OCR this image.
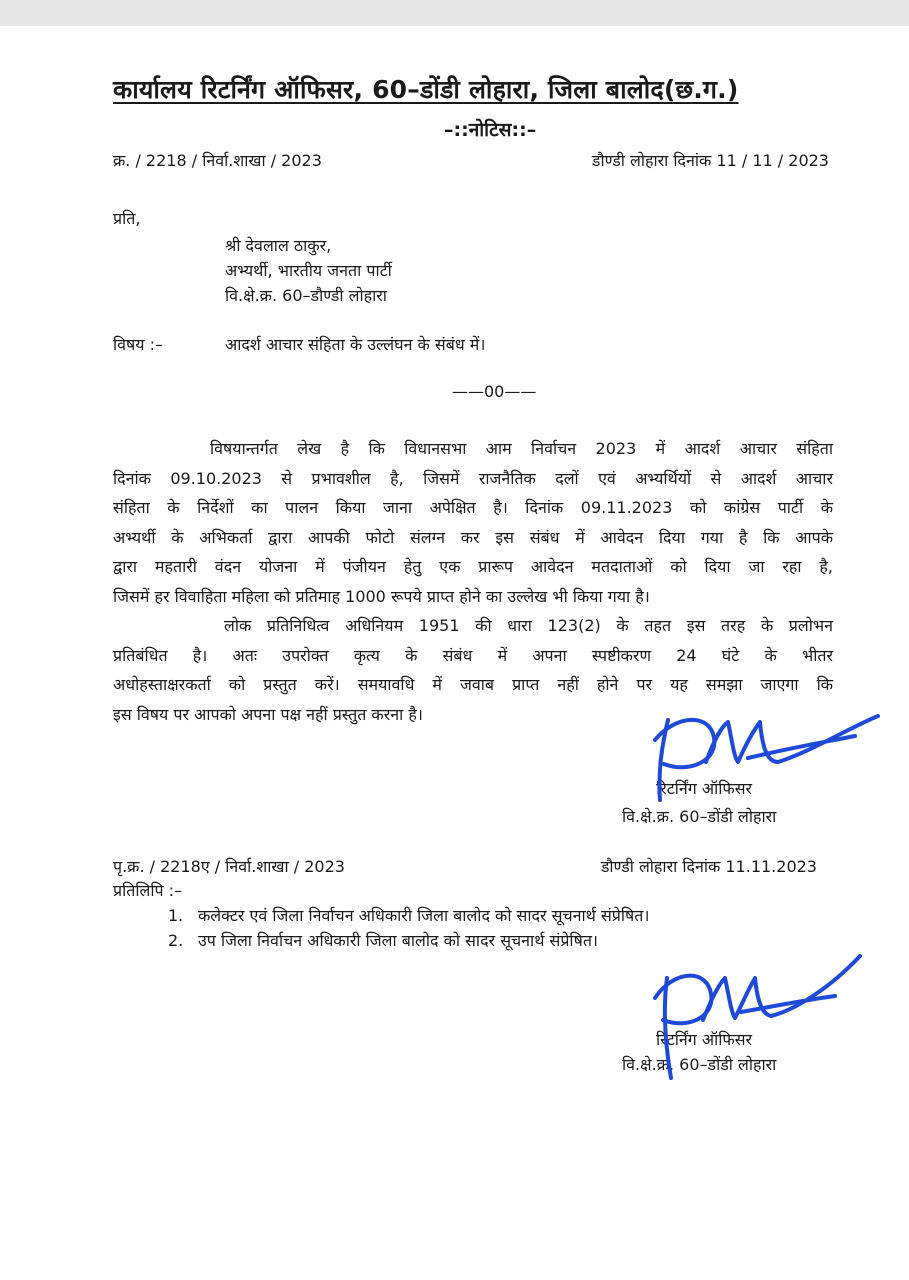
कार्यालय रिटर्निंग ऑफिसर, 60–डोंडी लोहारा, जिला बालोद(छ.ग.)
–::नोटिस::–
क्र. / 2218 / निर्वा.शाखा / 2023	डौण्डी लोहारा दिनांक 11 / 11 / 2023
प्रति,
श्री देवलाल ठाकुर,
अभ्यर्थी, भारतीय जनता पार्टी
वि.क्षे.क्र. 60–डौण्डी लोहारा
विषय :–	आदर्श आचार संहिता के उल्लंघन के संबंध में।
——00——
विषयान्तर्गत लेख है कि विधानसभा आम निर्वाचन 2023 में आदर्श आचार संहिता
दिनांक 09.10.2023 से प्रभावशील है, जिसमें राजनैतिक दलों एवं अभ्यर्थियों से आदर्श आचार
संहिता के निर्देशों का पालन किया जाना अपेक्षित है। दिनांक 09.11.2023 को कांग्रेस पार्टी के
अभ्यर्थी के अभिकर्ता द्वारा आपकी फोटो संलग्न कर इस संबंध में आवेदन दिया गया है कि आपके
द्वारा महतारी वंदन योजना में पंजीयन हेतु एक प्रारूप आवेदन मतदाताओं को दिया जा रहा है,
जिसमें हर विवाहिता महिला को प्रतिमाह 1000 रूपये प्राप्त होने का उल्लेख भी किया गया है।
लोक प्रतिनिधित्व अधिनियम 1951 की धारा 123(2) के तहत इस तरह के प्रलोभन
प्रतिबंधित है। अतः उपरोक्त कृत्य के संबंध में अपना स्पष्टीकरण 24 घंटे के भीतर
अधोहस्ताक्षरकर्ता को प्रस्तुत करें। समयावधि में जवाब प्राप्त नहीं होने पर यह समझा जाएगा कि
इस विषय पर आपको अपना पक्ष नहीं प्रस्तुत करना है।
रिटर्निंग ऑफिसर
वि.क्षे.क्र. 60–डोंडी लोहारा
पृ.क्र. / 2218ए / निर्वा.शाखा / 2023	डौण्डी लोहारा दिनांक 11.11.2023
प्रतिलिपि :–
1. कलेक्टर एवं जिला निर्वाचन अधिकारी जिला बालोद को सादर सूचनार्थ संप्रेषित।
2. उप जिला निर्वाचन अधिकारी जिला बालोद को सादर सूचनार्थ संप्रेषित।
रिटर्निंग ऑफिसर
वि.क्षे.क्र. 60–डोंडी लोहारा
